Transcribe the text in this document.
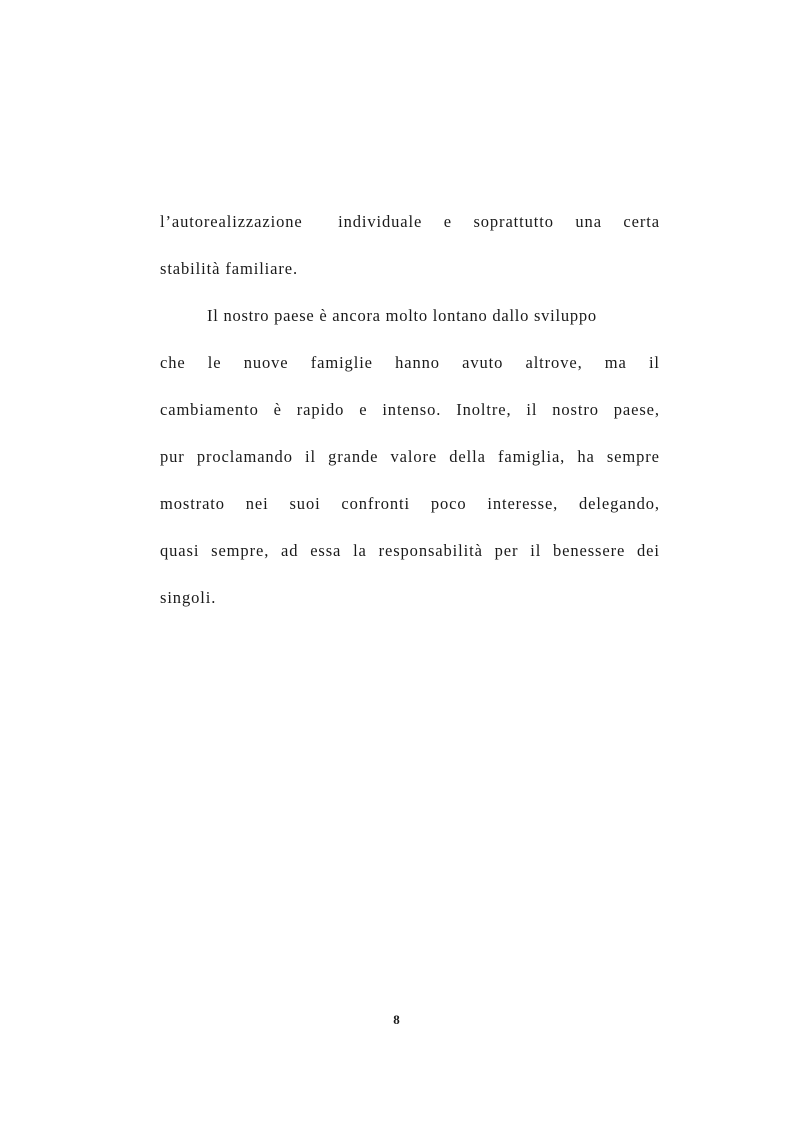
l’autorealizzazione individuale e soprattutto una certa
stabilità familiare.
Il nostro paese è ancora molto lontano dallo sviluppo
che le nuove famiglie hanno avuto altrove, ma il
cambiamento è rapido e intenso. Inoltre, il nostro paese,
pur proclamando il grande valore della famiglia, ha sempre
mostrato nei suoi confronti poco interesse, delegando,
quasi sempre, ad essa la responsabilità per il benessere dei
singoli.
8
